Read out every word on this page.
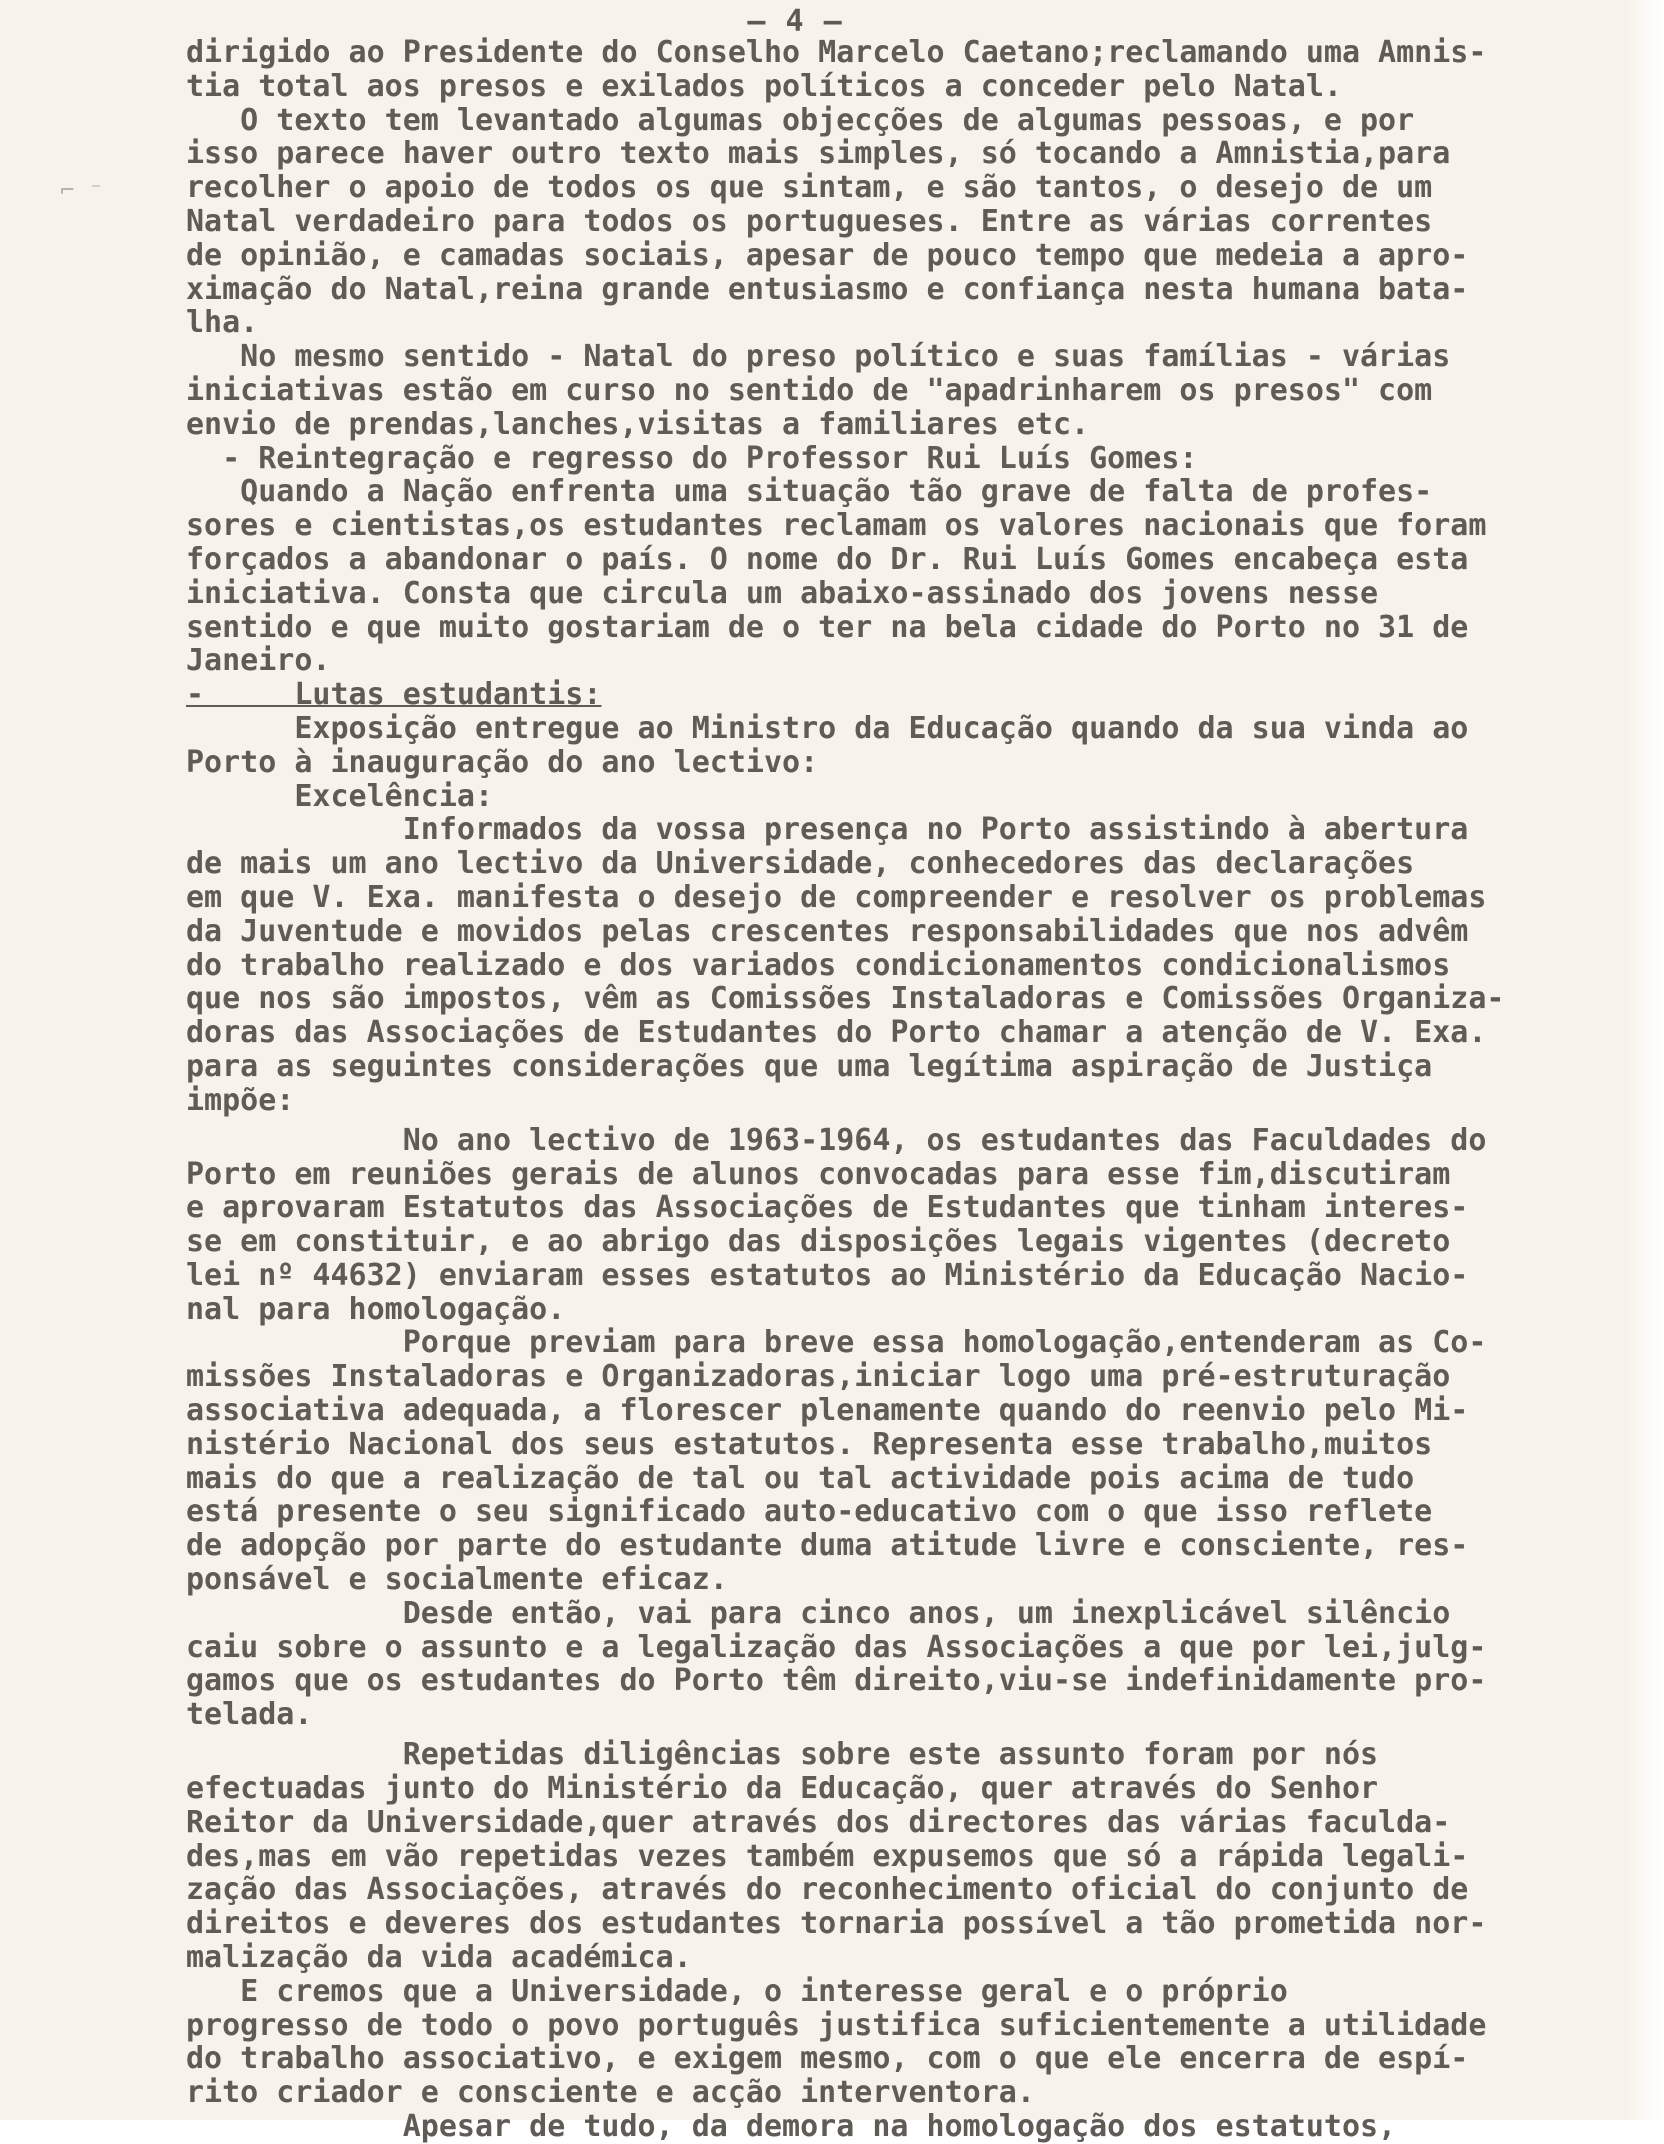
– 4 –
⌐ ⁻
dirigido ao Presidente do Conselho Marcelo Caetano;reclamando uma Amnis-
tia total aos presos e exilados políticos a conceder pelo Natal.
O texto tem levantado algumas objecções de algumas pessoas, e por
isso parece haver outro texto mais simples, só tocando a Amnistia,para
recolher o apoio de todos os que sintam, e são tantos, o desejo de um
Natal verdadeiro para todos os portugueses. Entre as várias correntes
de opinião, e camadas sociais, apesar de pouco tempo que medeia a apro-
ximação do Natal,reina grande entusiasmo e confiança nesta humana bata-
lha.
No mesmo sentido - Natal do preso político e suas famílias - várias
iniciativas estão em curso no sentido de "apadrinharem os presos" com
envio de prendas,lanches,visitas a familiares etc.
- Reintegração e regresso do Professor Rui Luís Gomes:
Quando a Nação enfrenta uma situação tão grave de falta de profes-
sores e cientistas,os estudantes reclamam os valores nacionais que foram
forçados a abandonar o país. O nome do Dr. Rui Luís Gomes encabeça esta
iniciativa. Consta que circula um abaixo-assinado dos jovens nesse
sentido e que muito gostariam de o ter na bela cidade do Porto no 31 de
Janeiro.
-     Lutas estudantis:
Exposição entregue ao Ministro da Educação quando da sua vinda ao
Porto à inauguração do ano lectivo:
Excelência:
Informados da vossa presença no Porto assistindo à abertura
de mais um ano lectivo da Universidade, conhecedores das declarações
em que V. Exa. manifesta o desejo de compreender e resolver os problemas
da Juventude e movidos pelas crescentes responsabilidades que nos advêm
do trabalho realizado e dos variados condicionamentos condicionalismos
que nos são impostos, vêm as Comissões Instaladoras e Comissões Organiza-
doras das Associações de Estudantes do Porto chamar a atenção de V. Exa.
para as seguintes considerações que uma legítima aspiração de Justiça
impõe:
No ano lectivo de 1963-1964, os estudantes das Faculdades do
Porto em reuniões gerais de alunos convocadas para esse fim,discutiram
e aprovaram Estatutos das Associações de Estudantes que tinham interes-
se em constituir, e ao abrigo das disposições legais vigentes (decreto
lei nº 44632) enviaram esses estatutos ao Ministério da Educação Nacio-
nal para homologação.
Porque previam para breve essa homologação,entenderam as Co-
missões Instaladoras e Organizadoras,iniciar logo uma pré-estruturação
associativa adequada, a florescer plenamente quando do reenvio pelo Mi-
nistério Nacional dos seus estatutos. Representa esse trabalho,muitos
mais do que a realização de tal ou tal actividade pois acima de tudo
está presente o seu significado auto-educativo com o que isso reflete
de adopção por parte do estudante duma atitude livre e consciente, res-
ponsável e socialmente eficaz.
Desde então, vai para cinco anos, um inexplicável silêncio
caiu sobre o assunto e a legalização das Associações a que por lei,julg-
gamos que os estudantes do Porto têm direito,viu-se indefinidamente pro-
telada.
Repetidas diligências sobre este assunto foram por nós
efectuadas junto do Ministério da Educação, quer através do Senhor
Reitor da Universidade,quer através dos directores das várias faculda-
des,mas em vão repetidas vezes também expusemos que só a rápida legali-
zação das Associações, através do reconhecimento oficial do conjunto de
direitos e deveres dos estudantes tornaria possível a tão prometida nor-
malização da vida académica.
E cremos que a Universidade, o interesse geral e o próprio
progresso de todo o povo português justifica suficientemente a utilidade
do trabalho associativo, e exigem mesmo, com o que ele encerra de espí-
rito criador e consciente e acção interventora.
Apesar de tudo, da demora na homologação dos estatutos,
